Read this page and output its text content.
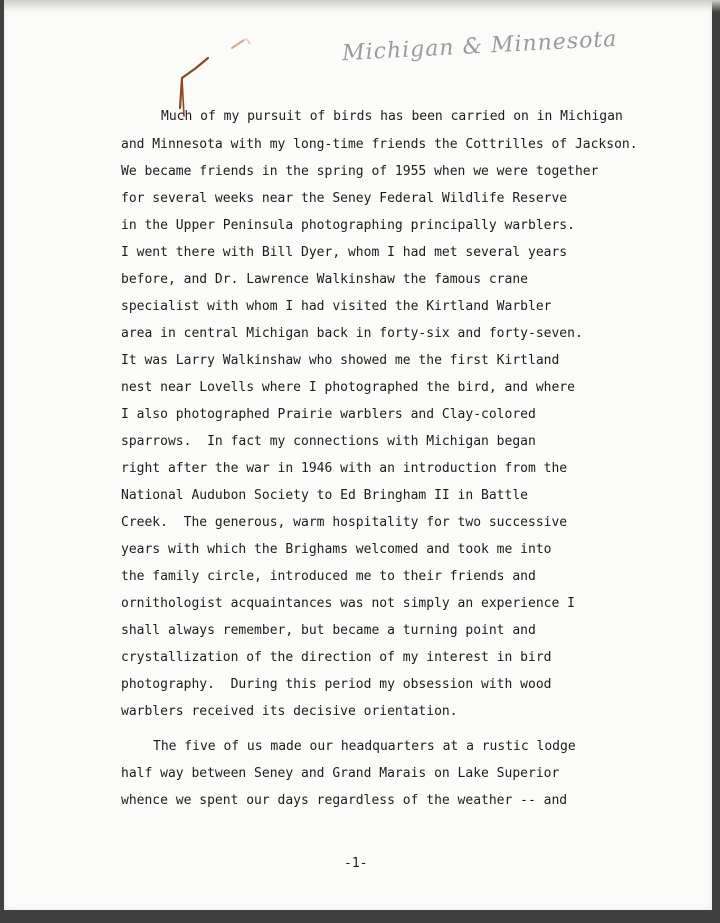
Michigan & Minnesota
Much of my pursuit of birds has been carried on in Michigan
and Minnesota with my long-time friends the Cottrilles of Jackson.
We became friends in the spring of 1955 when we were together
for several weeks near the Seney Federal Wildlife Reserve
in the Upper Peninsula photographing principally warblers.
I went there with Bill Dyer, whom I had met several years
before, and Dr. Lawrence Walkinshaw the famous crane
specialist with whom I had visited the Kirtland Warbler
area in central Michigan back in forty-six and forty-seven.
It was Larry Walkinshaw who showed me the first Kirtland
nest near Lovells where I photographed the bird, and where
I also photographed Prairie warblers and Clay-colored
sparrows.  In fact my connections with Michigan began
right after the war in 1946 with an introduction from the
National Audubon Society to Ed Bringham II in Battle
Creek.  The generous, warm hospitality for two successive
years with which the Brighams welcomed and took me into
the family circle, introduced me to their friends and
ornithologist acquaintances was not simply an experience I
shall always remember, but became a turning point and
crystallization of the direction of my interest in bird
photography.  During this period my obsession with wood
warblers received its decisive orientation.
The five of us made our headquarters at a rustic lodge
half way between Seney and Grand Marais on Lake Superior
whence we spent our days regardless of the weather -- and
-1-
